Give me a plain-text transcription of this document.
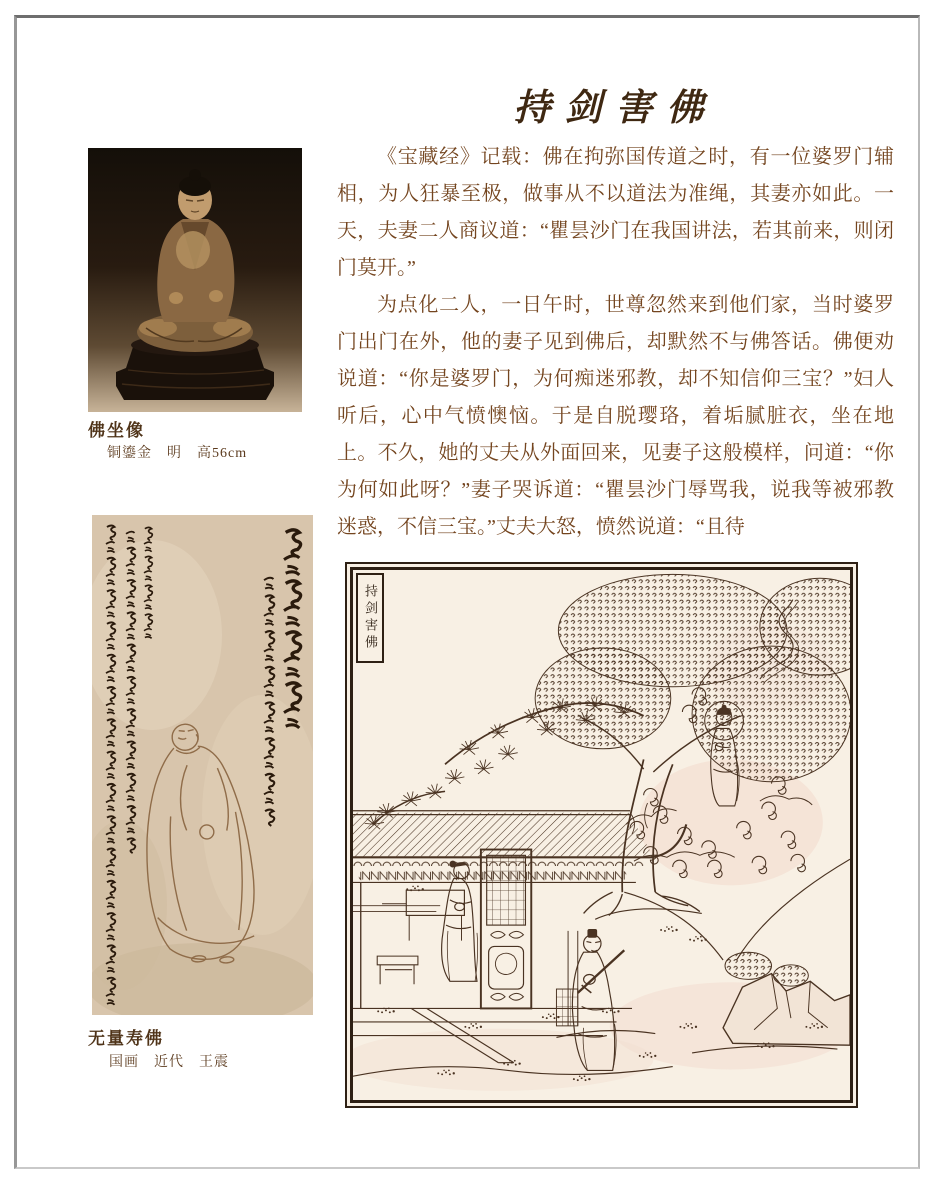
持剑害佛
佛坐像
铜鎏金　明　高56cm

《宝藏经》记载：佛在拘弥国传道之时，有一位婆罗门辅相，为人狂暴至极，做事从不以道法为准绳，其妻亦如此。一天，夫妻二人商议道：“瞿昙沙门在我国讲法，若其前来，则闭门莫开。”

为点化二人，一日午时，世尊忽然来到他们家，当时婆罗门出门在外，他的妻子见到佛后，却默然不与佛答话。佛便劝说道：“你是婆罗门，为何痴迷邪教，却不知信仰三宝？”妇人听后，心中气愤懊恼。于是自脱璎珞，着垢腻脏衣，坐在地上。不久，她的丈夫从外面回来，见妻子这般模样，问道：“你为何如此呀？”妻子哭诉道：“瞿昙沙门辱骂我，说我等被邪教迷惑，不信三宝。”丈夫大怒，愤然说道：“且待

无量寿佛
国画　近代　王震
持剑害佛
